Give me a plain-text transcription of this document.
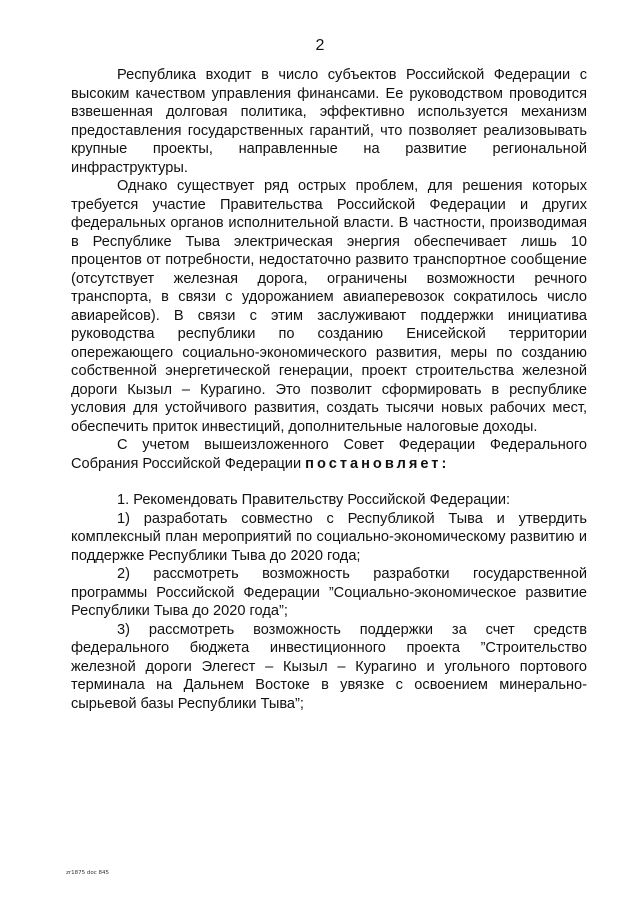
2

Республика входит в число субъектов Российской Федерации с высоким качеством управления финансами. Ее руководством проводится взвешенная долговая политика, эффективно используется механизм предоставления государственных гарантий, что позволяет реализовывать крупные проекты, направленные на развитие региональной инфраструктуры.

Однако существует ряд острых проблем, для решения которых требуется участие Правительства Российской Федерации и других федеральных органов исполнительной власти. В частности, производимая в Республике Тыва электрическая энергия обеспечивает лишь 10 процентов от потребности, недостаточно развито транспортное сообщение (отсутствует железная дорога, ограничены возможности речного транспорта, в связи с удорожанием авиаперевозок сократилось число авиарейсов). В связи с этим заслуживают поддержки инициатива руководства республики по созданию Енисейской территории опережающего социально-экономического развития, меры по созданию собственной энергетической генерации, проект строительства железной дороги Кызыл – Курагино. Это позволит сформировать в республике условия для устойчивого развития, создать тысячи новых рабочих мест, обеспечить приток инвестиций, дополнительные налоговые доходы.

С учетом вышеизложенного Совет Федерации Федерального Собрания Российской Федерации постановляет:

1. Рекомендовать Правительству Российской Федерации:

1) разработать совместно с Республикой Тыва и утвердить комплексный план мероприятий по социально-экономическому развитию и поддержке Республики Тыва до 2020 года;

2) рассмотреть возможность разработки государственной программы Российской Федерации ”Социально-экономическое развитие Республики Тыва до 2020 года”;

3) рассмотреть возможность поддержки за счет средств федерального бюджета инвестиционного проекта ”Строительство железной дороги Элегест – Кызыл – Курагино и угольного портового терминала на Дальнем Востоке в увязке с освоением минерально-сырьевой базы Республики Тыва”;

zr1875 doc 845
